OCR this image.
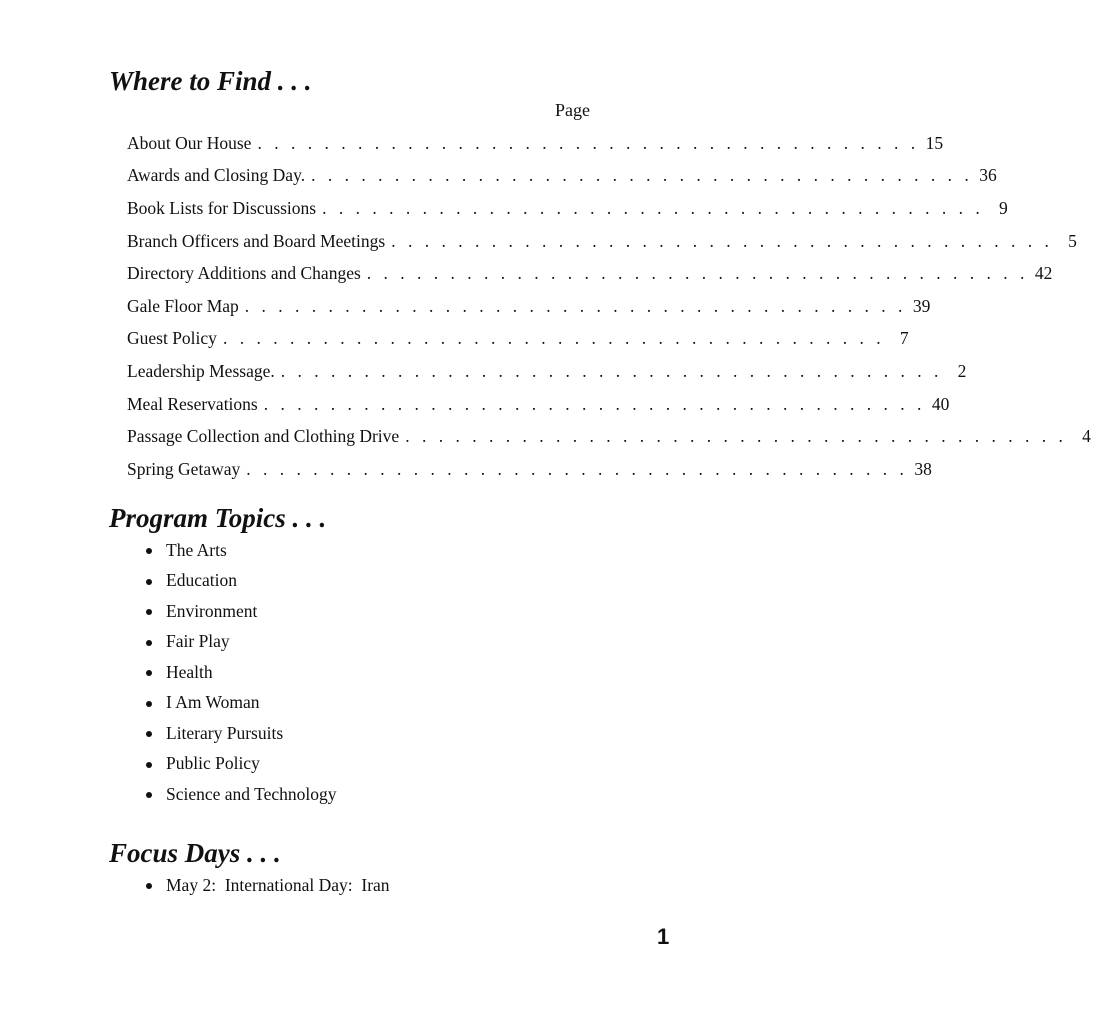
Where to Find . . .
Page
About Our House . . . . . . . . . . . . . . . . . . . . . . . . . . . . . . . . . . . . . . . . 15
Awards and Closing Day. . . . . . . . . . . . . . . . . . . . . . . . . . . . . . . . . . . . . . . . . 36
Book Lists for Discussions . . . . . . . . . . . . . . . . . . . . . . . . . . . . . . . . . . . . . . . . 9
Branch Officers and Board Meetings . . . . . . . . . . . . . . . . . . . . . . . . . . . . . . . . . . . . . . . . 5
Directory Additions and Changes . . . . . . . . . . . . . . . . . . . . . . . . . . . . . . . . . . . . . . . . 42
Gale Floor Map . . . . . . . . . . . . . . . . . . . . . . . . . . . . . . . . . . . . . . . . 39
Guest Policy . . . . . . . . . . . . . . . . . . . . . . . . . . . . . . . . . . . . . . . . 7
Leadership Message. . . . . . . . . . . . . . . . . . . . . . . . . . . . . . . . . . . . . . . . . 2
Meal Reservations . . . . . . . . . . . . . . . . . . . . . . . . . . . . . . . . . . . . . . . . 40
Passage Collection and Clothing Drive . . . . . . . . . . . . . . . . . . . . . . . . . . . . . . . . . . . . . . . . 4
Spring Getaway . . . . . . . . . . . . . . . . . . . . . . . . . . . . . . . . . . . . . . . . 38
Program Topics . . .
The Arts
Education
Environment
Fair Play
Health
I Am Woman
Literary Pursuits
Public Policy
Science and Technology
Focus Days . . .
May 2:  International Day:  Iran
1
